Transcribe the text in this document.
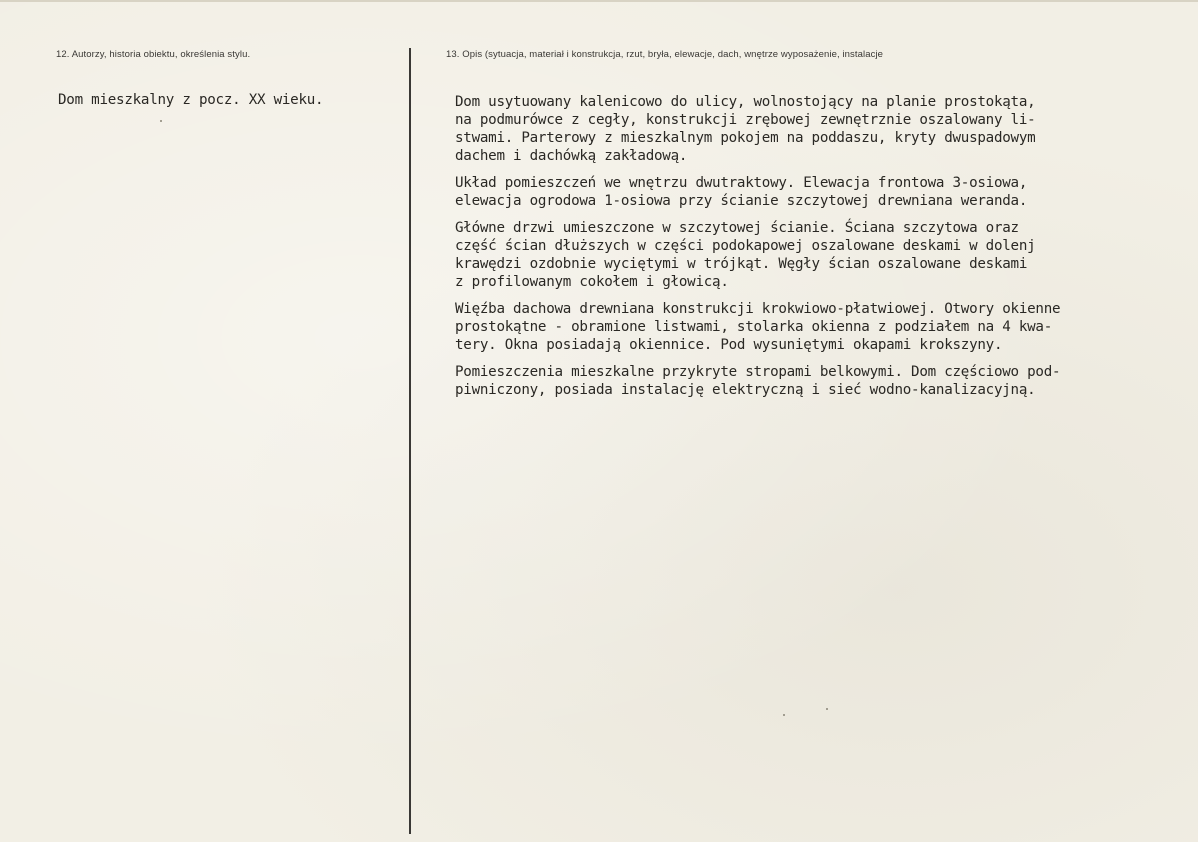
12. Autorzy, historia obiektu, określenia stylu.	13. Opis (sytuacja, materiał i konstrukcja, rzut, bryła, elewacje, dach, wnętrze wyposażenie, instalacje
Dom mieszkalny z pocz. XX wieku.	Dom usytuowany kalenicowo do ulicy, wolnostojący na planie prostokąta,
na podmurówce z cegły, konstrukcji zrębowej zewnętrznie oszalowany li-
stwami. Parterowy z mieszkalnym pokojem na poddaszu, kryty dwuspadowym
dachem i dachówką zakładową.
Układ pomieszczeń we wnętrzu dwutraktowy. Elewacja frontowa 3-osiowa,
elewacja ogrodowa 1-osiowa przy ścianie szczytowej drewniana weranda.
Główne drzwi umieszczone w szczytowej ścianie. Ściana szczytowa oraz
część ścian dłuższych w części podokapowej oszalowane deskami w dolenj
krawędzi ozdobnie wyciętymi w trójkąt. Węgły ścian oszalowane deskami
z profilowanym cokołem i głowicą.
Więźba dachowa drewniana konstrukcji krokwiowo-płatwiowej. Otwory okienne
prostokątne - obramione listwami, stolarka okienna z podziałem na 4 kwa-
tery. Okna posiadają okiennice. Pod wysuniętymi okapami krokszyny.
Pomieszczenia mieszkalne przykryte stropami belkowymi. Dom częściowo pod-
piwniczony, posiada instalację elektryczną i sieć wodno-kanalizacyjną.
